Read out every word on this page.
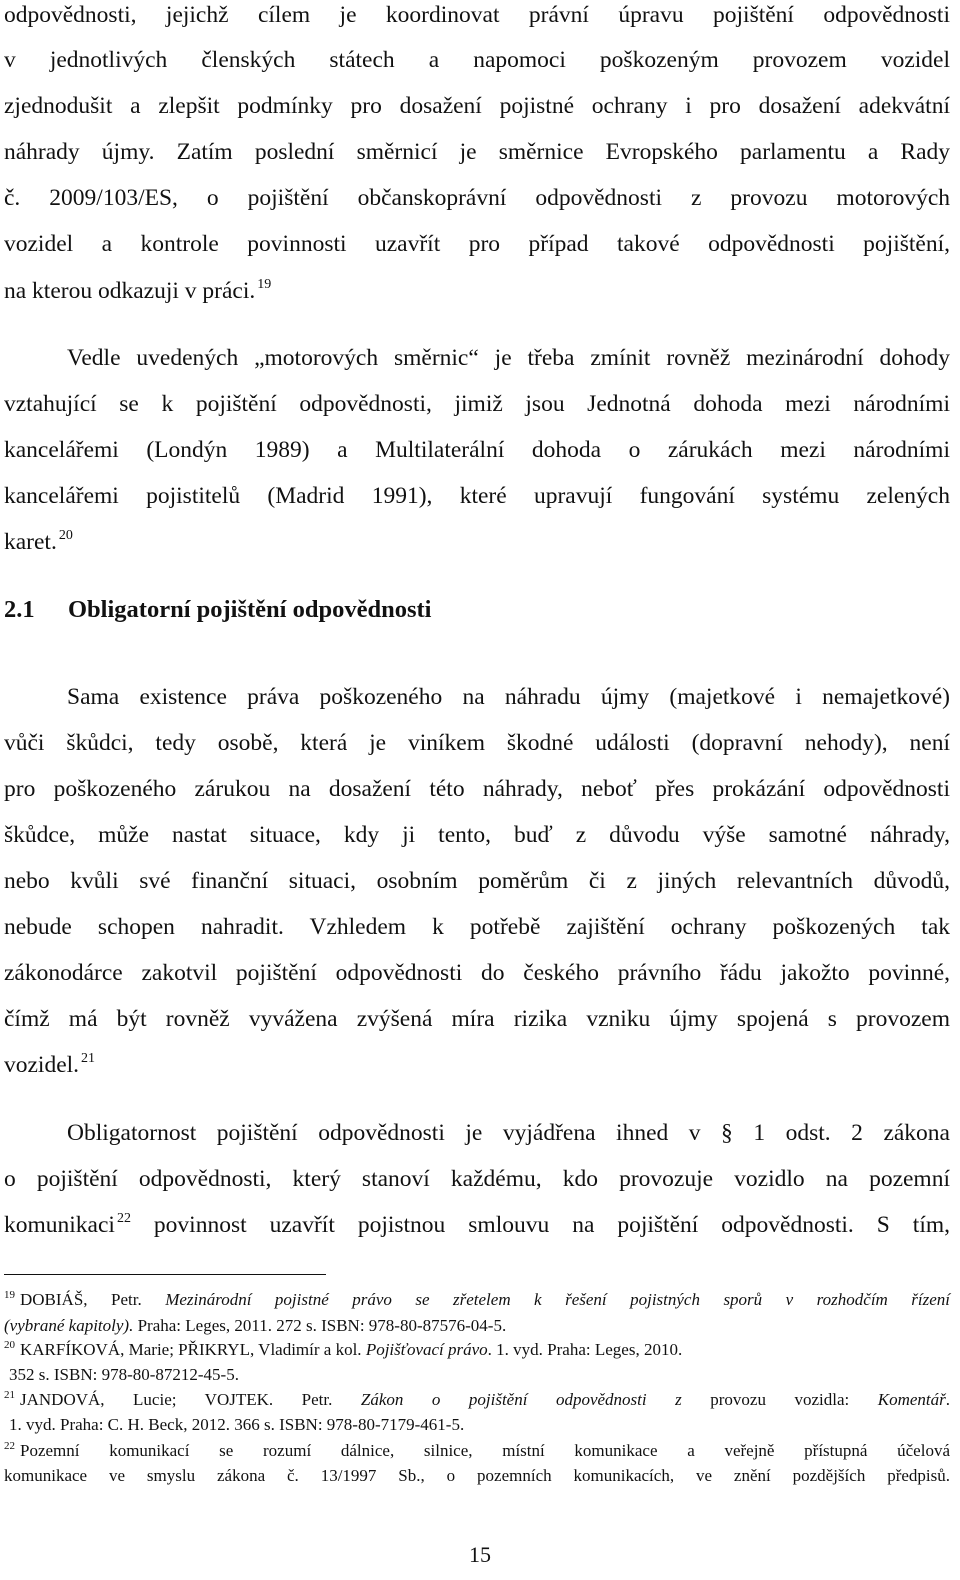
odpovědnosti, jejichž cílem je koordinovat právní úpravu pojištění odpovědnosti
v jednotlivých členských státech a napomoci poškozeným provozem vozidel
zjednodušit a zlepšit podmínky pro dosažení pojistné ochrany i pro dosažení adekvátní
náhrady újmy. Zatím poslední směrnicí je směrnice Evropského parlamentu a Rady
č. 2009/103/ES, o pojištění občanskoprávní odpovědnosti z provozu motorových
vozidel a kontrole povinnosti uzavřít pro případ takové odpovědnosti pojištění,
na kterou odkazuji v práci. $^{19}$
Vedle uvedených „motorových směrnic“ je třeba zmínit rovněž mezinárodní dohody
vztahující se k pojištění odpovědnosti, jimiž jsou Jednotná dohoda mezi národními
kancelářemi (Londýn 1989) a Multilaterální dohoda o zárukách mezi národními
kancelářemi pojistitelů (Madrid 1991), které upravují fungování systému zelených
karet. $^{20}$
2.1 Obligatorní pojištění odpovědnosti
Sama existence práva poškozeného na náhradu újmy (majetkové i nemajetkové)
vůči škůdci, tedy osobě, která je viníkem škodné události (dopravní nehody), není
pro poškozeného zárukou na dosažení této náhrady, neboť přes prokázání odpovědnosti
škůdce, může nastat situace, kdy ji tento, buď z důvodu výše samotné náhrady,
nebo kvůli své finanční situaci, osobním poměrům či z jiných relevantních důvodů,
nebude schopen nahradit. Vzhledem k potřebě zajištění ochrany poškozených tak
zákonodárce zakotvil pojištění odpovědnosti do českého právního řádu jakožto povinné,
čímž má být rovněž vyvážena zvýšená míra rizika vzniku újmy spojená s provozem
vozidel. $^{21}$
Obligatornost pojištění odpovědnosti je vyjádřena ihned v § 1 odst. 2 zákona
o pojištění odpovědnosti, který stanoví každému, kdo provozuje vozidlo na pozemní
komunikaci $^{22}$ povinnost uzavřít pojistnou smlouvu na pojištění odpovědnosti. S tím,
$^{19}$ DOBIÁŠ, Petr. Mezinárodní pojistné právo se zřetelem k řešení pojistných sporů v rozhodčím řízení
(vybrané kapitoly). Praha: Leges, 2011. 272 s. ISBN: 978-80-87576-04-5.
$^{20}$ KARFÍKOVÁ, Marie; PŘIKRYL, Vladimír a kol. Pojišťovací právo. 1. vyd. Praha: Leges, 2010.
352 s. ISBN: 978-80-87212-45-5.
$^{21}$ JANDOVÁ, Lucie; VOJTEK. Petr. Zákon o pojištění odpovědnosti z provozu vozidla: Komentář.
1. vyd. Praha: C. H. Beck, 2012. 366 s. ISBN: 978-80-7179-461-5.
$^{22}$ Pozemní komunikací se rozumí dálnice, silnice, místní komunikace a veřejně přístupná účelová
komunikace ve smyslu zákona č. 13/1997 Sb., o pozemních komunikacích, ve znění pozdějších předpisů.
15
